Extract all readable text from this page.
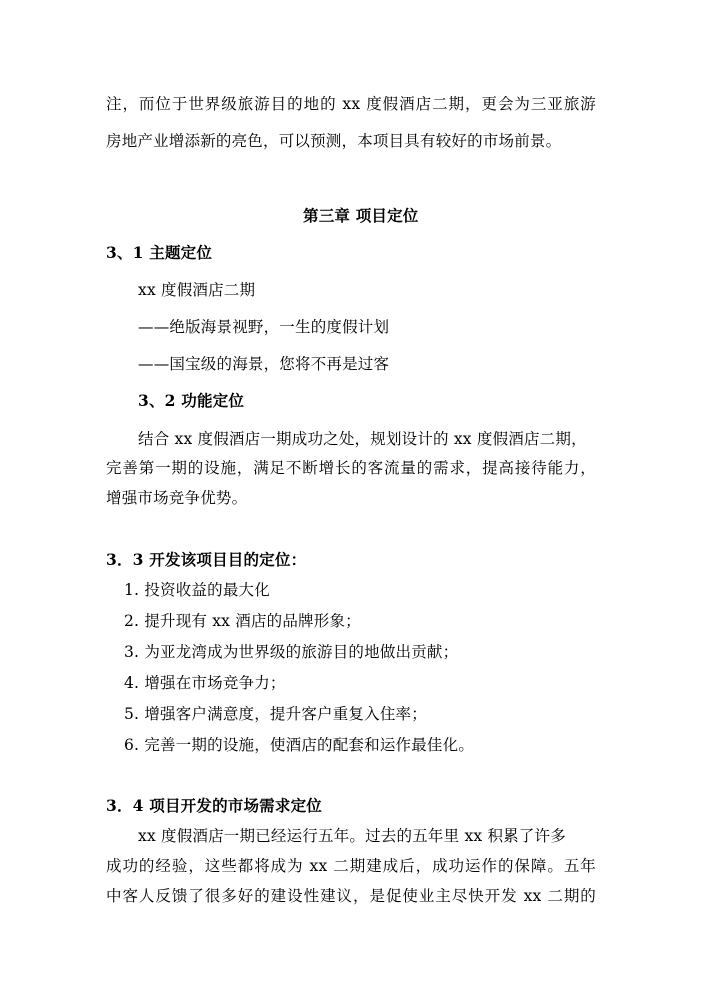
注，而位于世界级旅游目的地的 xx 度假酒店二期，更会为三亚旅游
房地产业增添新的亮色，可以预测，本项目具有较好的市场前景。
第三章 项目定位
3、1 主题定位
xx 度假酒店二期
——绝版海景视野，一生的度假计划
——国宝级的海景，您将不再是过客
3、2 功能定位
结合 xx 度假酒店一期成功之处，规划设计的 xx 度假酒店二期，
完善第一期的设施，满足不断增长的客流量的需求，提高接待能力，
增强市场竞争优势。
3．3 开发该项目目的定位：
1. 投资收益的最大化
2. 提升现有 xx 酒店的品牌形象；
3. 为亚龙湾成为世界级的旅游目的地做出贡献；
4. 增强在市场竞争力；
5. 增强客户满意度，提升客户重复入住率；
6. 完善一期的设施，使酒店的配套和运作最佳化。
3．4 项目开发的市场需求定位
xx 度假酒店一期已经运行五年。过去的五年里 xx 积累了许多
成功的经验，这些都将成为 xx 二期建成后，成功运作的保障。五年
中客人反馈了很多好的建设性建议，是促使业主尽快开发 xx 二期的
